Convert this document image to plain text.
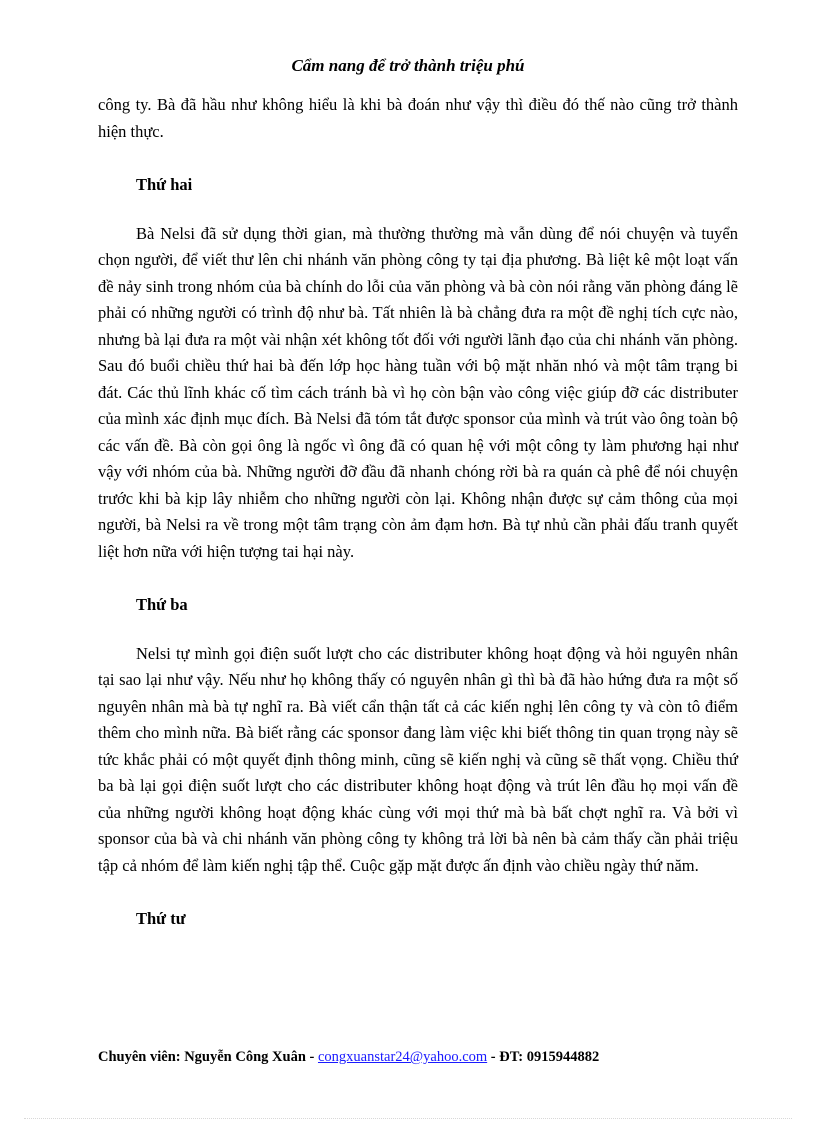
Cẩm nang để trở thành triệu phú

công ty. Bà đã hầu như không hiểu là khi bà đoán như vậy thì điều đó thế nào cũng trở thành hiện thực.

Thứ hai

Bà Nelsi đã sử dụng thời gian, mà thường thường mà vẫn dùng để nói chuyện và tuyển chọn người, để viết thư lên chi nhánh văn phòng công ty tại địa phương. Bà liệt kê một loạt vấn đề nảy sinh trong nhóm của bà chính do lỗi của văn phòng và bà còn nói rằng văn phòng đáng lẽ phải có những người có trình độ như bà. Tất nhiên là bà chẳng đưa ra một đề nghị tích cực nào, nhưng bà lại đưa ra một vài nhận xét không tốt đối với người lãnh đạo của chi nhánh văn phòng. Sau đó buổi chiều thứ hai bà đến lớp học hàng tuần với bộ mặt nhăn nhó và một tâm trạng bi đát. Các thủ lĩnh khác cố tìm cách tránh bà vì họ còn bận vào công việc giúp đỡ các distributer của mình xác định mục đích. Bà Nelsi đã tóm tắt được sponsor của mình và trút vào ông toàn bộ các vấn đề. Bà còn gọi ông là ngốc vì ông đã có quan hệ với một công ty làm phương hại như vậy với nhóm của bà. Những người đỡ đầu đã nhanh chóng rời bà ra quán cà phê để nói chuyện trước khi bà kịp lây nhiễm cho những người còn lại. Không nhận được sự cảm thông của mọi người, bà Nelsi ra về trong một tâm trạng còn ảm đạm hơn. Bà tự nhủ cần phải đấu tranh quyết liệt hơn nữa với hiện tượng tai hại này.

Thứ ba

Nelsi tự mình gọi điện suốt lượt cho các distributer không hoạt động và hỏi nguyên nhân tại sao lại như vậy. Nếu như họ không thấy có nguyên nhân gì thì bà đã hào hứng đưa ra một số nguyên nhân mà bà tự nghĩ ra. Bà viết cẩn thận tất cả các kiến nghị lên công ty và còn tô điểm thêm cho mình nữa. Bà biết rằng các sponsor đang làm việc khi biết thông tin quan trọng này sẽ tức khắc phải có một quyết định thông minh, cũng sẽ kiến nghị và cũng sẽ thất vọng. Chiều thứ ba bà lại gọi điện suốt lượt cho các distributer không hoạt động và trút lên đầu họ mọi vấn đề của những người không hoạt động khác cùng với mọi thứ mà bà bất chợt nghĩ ra. Và bởi vì sponsor của bà và chi nhánh văn phòng công ty không trả lời bà nên bà cảm thấy cần phải triệu tập cả nhóm để làm kiến nghị tập thể. Cuộc gặp mặt được ấn định vào chiều ngày thứ năm.

Thứ tư

Chuyên viên: Nguyễn Công Xuân - congxuanstar24@yahoo.com - ĐT: 0915944882
